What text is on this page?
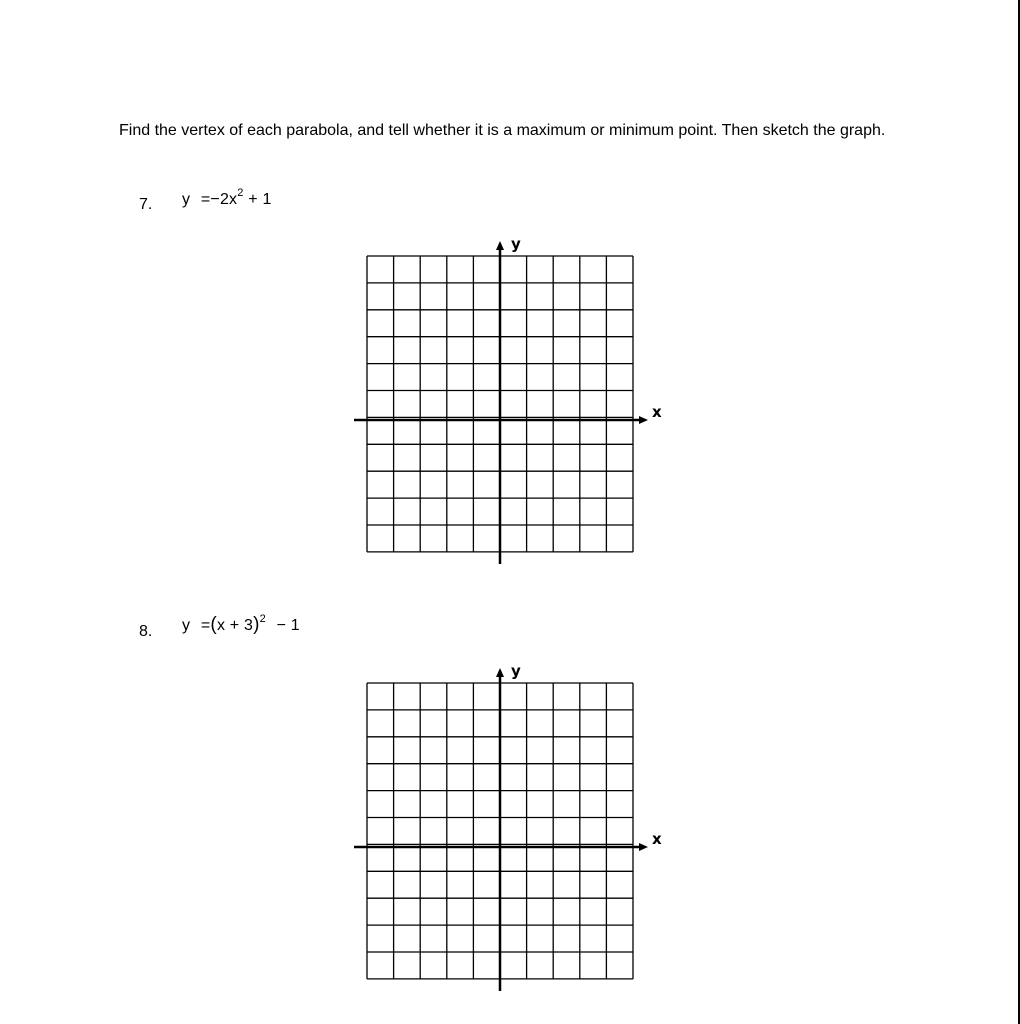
Find the vertex of each parabola, and tell whether it is a maximum or minimum point. Then sketch the graph.
7. $y =-2x^2 + 1$
x
y
8. $y =(x + 3)^2 - 1$
x
y
